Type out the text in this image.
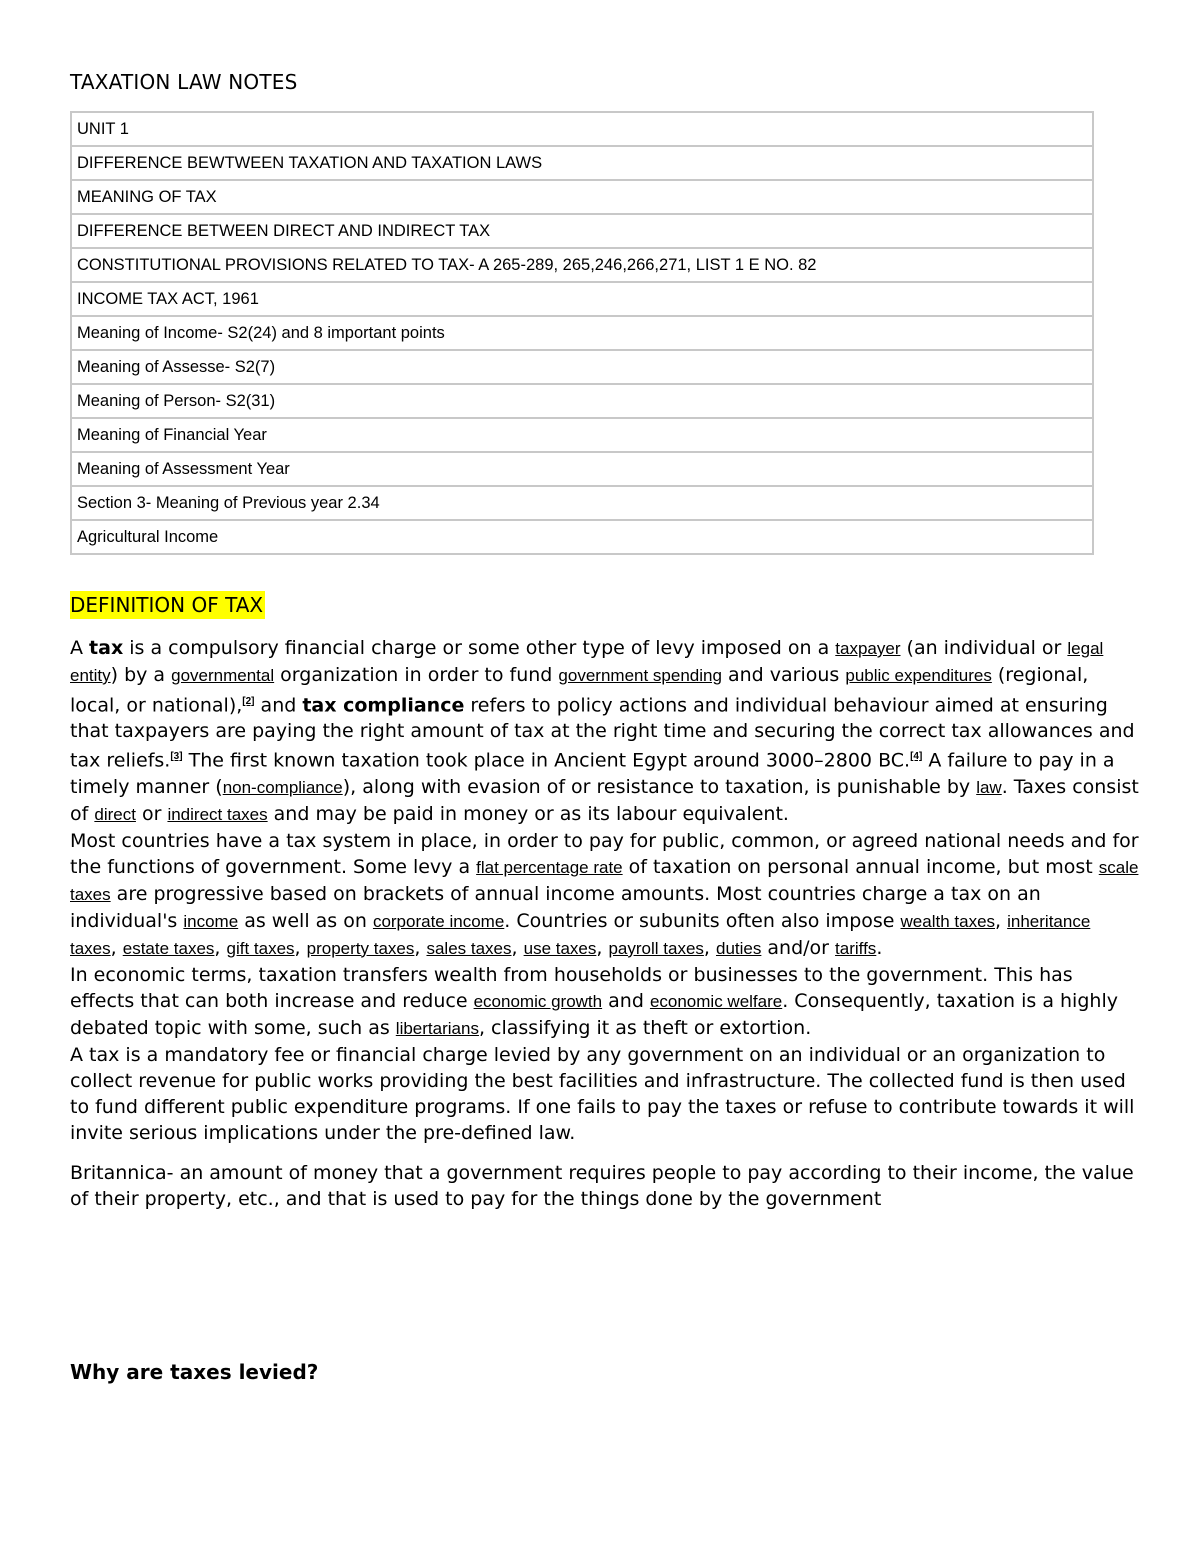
TAXATION LAW NOTES
UNIT 1
DIFFERENCE BEWTWEEN TAXATION AND TAXATION LAWS
MEANING OF TAX
DIFFERENCE BETWEEN DIRECT AND INDIRECT TAX
CONSTITUTIONAL PROVISIONS RELATED TO TAX- A 265-289, 265,246,266,271, LIST 1 E NO. 82
INCOME TAX ACT, 1961
Meaning of Income- S2(24) and 8 important points
Meaning of Assesse- S2(7)
Meaning of Person- S2(31)
Meaning of Financial Year
Meaning of Assessment Year
Section 3- Meaning of Previous year 2.34
Agricultural Income
DEFINITION OF TAX

A tax is a compulsory financial charge or some other type of levy imposed on a taxpayer (an individual or legal entity) by a governmental organization in order to fund government spending and various public expenditures (regional, local, or national),[2] and tax compliance refers to policy actions and individual behaviour aimed at ensuring that taxpayers are paying the right amount of tax at the right time and securing the correct tax allowances and tax reliefs.[3] The first known taxation took place in Ancient Egypt around 3000–2800 BC.[4] A failure to pay in a timely manner (non-compliance), along with evasion of or resistance to taxation, is punishable by law. Taxes consist of direct or indirect taxes and may be paid in money or as its labour equivalent.

Most countries have a tax system in place, in order to pay for public, common, or agreed national needs and for the functions of government. Some levy a flat percentage rate of taxation on personal annual income, but most scale taxes are progressive based on brackets of annual income amounts. Most countries charge a tax on an individual's income as well as on corporate income. Countries or subunits often also impose wealth taxes, inheritance taxes, estate taxes, gift taxes, property taxes, sales taxes, use taxes, payroll taxes, duties and/or tariffs.

In economic terms, taxation transfers wealth from households or businesses to the government. This has effects that can both increase and reduce economic growth and economic welfare. Consequently, taxation is a highly debated topic with some, such as libertarians, classifying it as theft or extortion.

A tax is a mandatory fee or financial charge levied by any government on an individual or an organization to collect revenue for public works providing the best facilities and infrastructure. The collected fund is then used to fund different public expenditure programs. If one fails to pay the taxes or refuse to contribute towards it will invite serious implications under the pre-defined law.

Britannica- an amount of money that a government requires people to pay according to their income, the value of their property, etc., and that is used to pay for the things done by the government

Why are taxes levied?
